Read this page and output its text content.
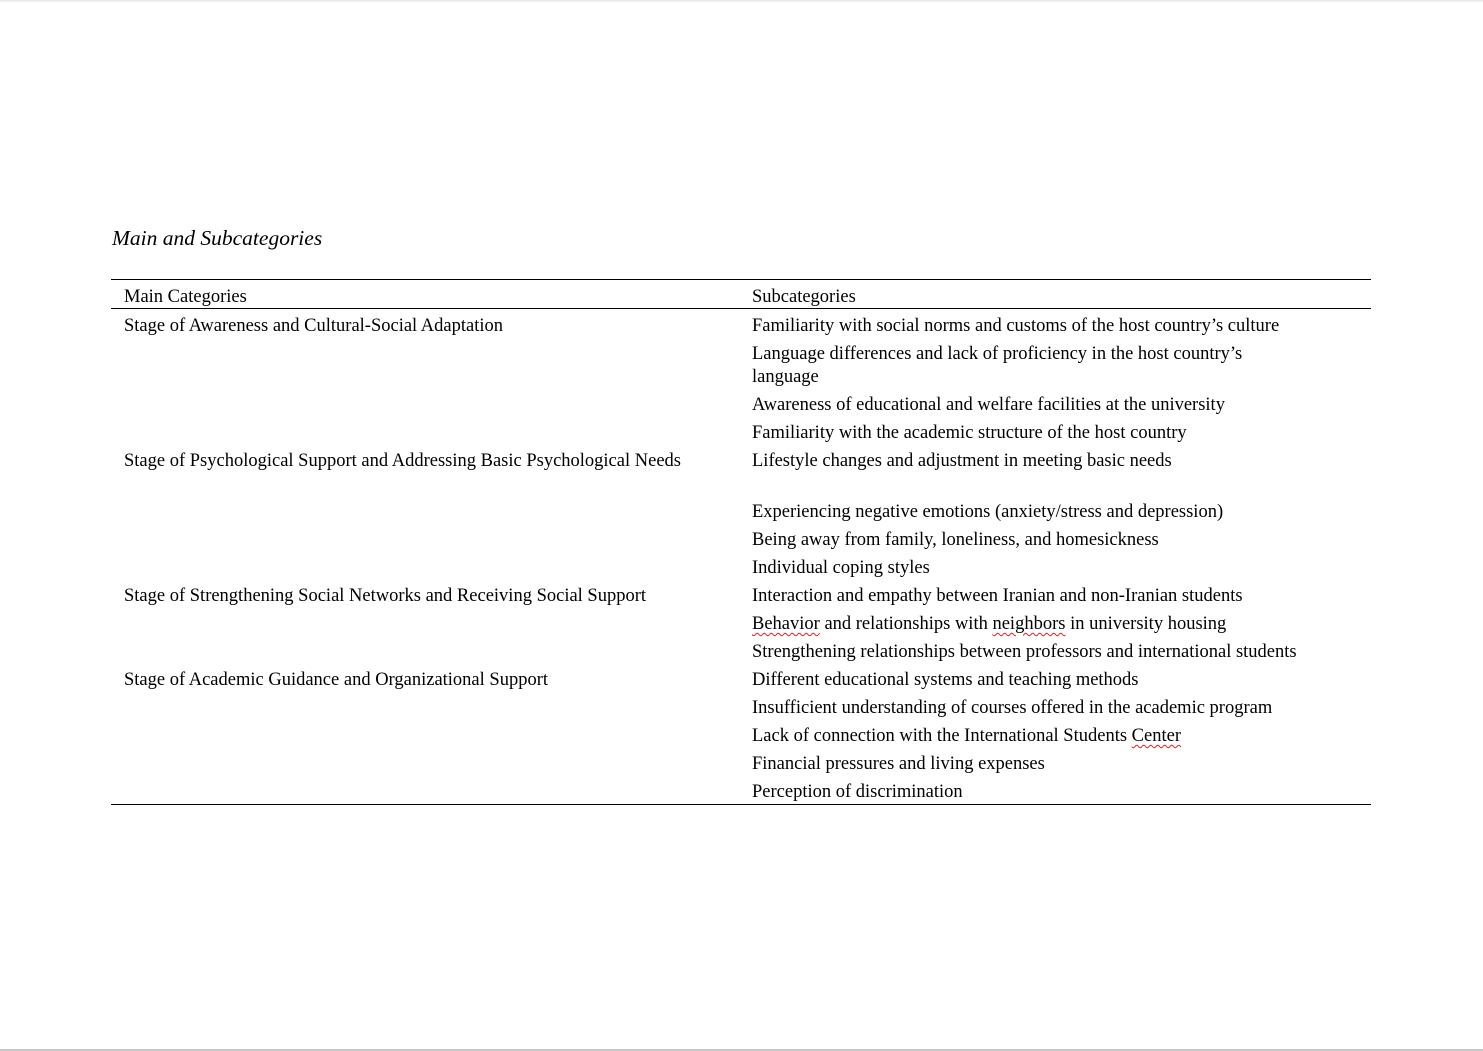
Main and Subcategories
Main Categories	Subcategories
Stage of Awareness and Cultural-Social Adaptation
Stage of Psychological Support and Addressing Basic Psychological Needs
Stage of Strengthening Social Networks and Receiving Social Support
Stage of Academic Guidance and Organizational Support
Familiarity with social norms and customs of the host country’s culture
Language differences and lack of proficiency in the host country’s language
Awareness of educational and welfare facilities at the university
Familiarity with the academic structure of the host country
Lifestyle changes and adjustment in meeting basic needs
Experiencing negative emotions (anxiety/stress and depression)
Being away from family, loneliness, and homesickness
Individual coping styles
Interaction and empathy between Iranian and non-Iranian students
Behavior and relationships with neighbors in university housing
Strengthening relationships between professors and international students
Different educational systems and teaching methods
Insufficient understanding of courses offered in the academic program
Lack of connection with the International Students Center
Financial pressures and living expenses
Perception of discrimination
